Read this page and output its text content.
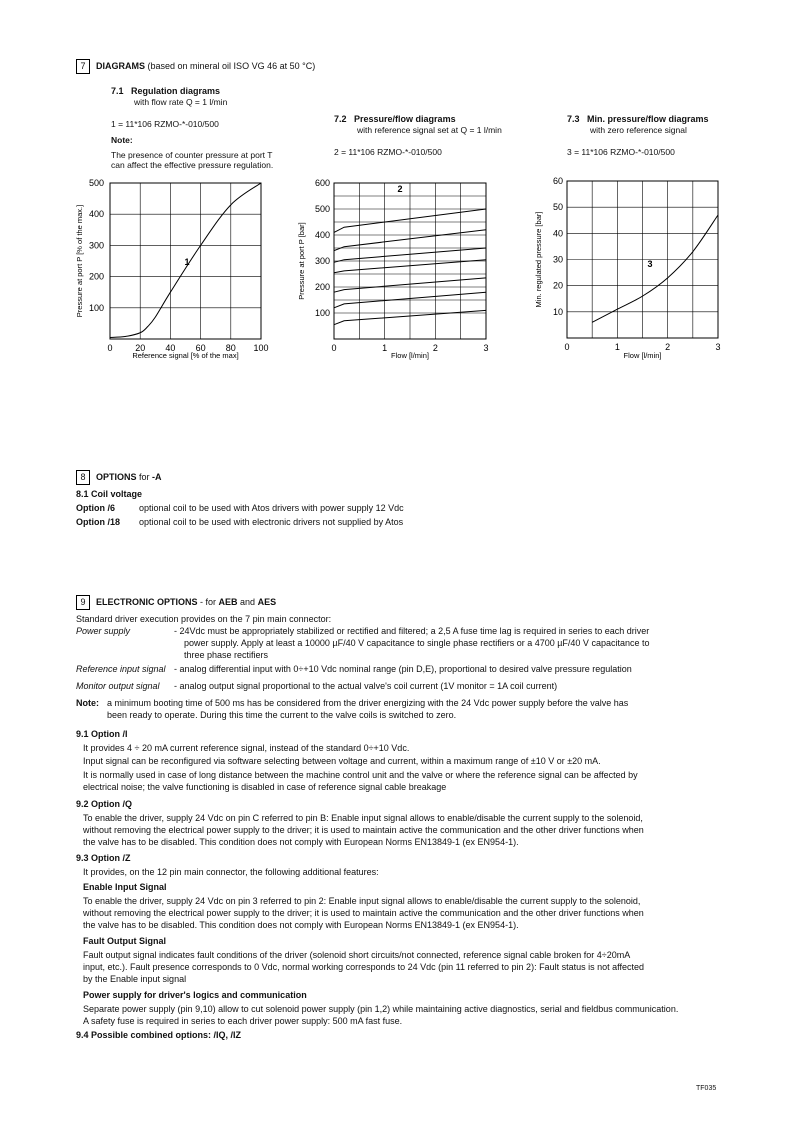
7 DIAGRAMS (based on mineral oil ISO VG 46 at 50 °C)
7.1 Regulation diagrams
with flow rate Q = 1 l/min
1 = 11*106 RZMO-*-010/500
Note:
The presence of counter pressure at port T
can affect the effective pressure regulation.
7.2 Pressure/flow diagrams
with reference signal set at Q = 1 l/min
2 = 11*106 RZMO-*-010/500
7.3 Min. pressure/flow diagrams
with zero reference signal
3 = 11*106 RZMO-*-010/500
0	20 40 60 80 100
100
200
300
400
500
Reference signal [% of the max]
Pressure at port P [% of the max.]	1
0	1	2	3
100
200
300
400
500
600
Flow [l/min]
Pressure at port P [bar]
2
0	1	2	3
10
20
30
40
50
60
Flow [l/min]
Min. regulated pressure [bar]	3
8 OPTIONS for -A
8.1 Coil voltage
Option /6	optional coil to be used with Atos drivers with power supply 12 Vdc
Option /18 optional coil to be used with electronic drivers not supplied by Atos
9 ELECTRONIC OPTIONS - for AEB and AES
Standard driver execution provides on the 7 pin main connector:
Power supply	- 24Vdc must be appropriately stabilized or rectified and filtered; a 2,5 A fuse time lag is required in series to each driver
power supply. Apply at least a 10000 µF/40 V capacitance to single phase rectifiers or a 4700 µF/40 V capacitance to
three phase rectifiers
Reference input signal - analog differential input with 0÷+10 Vdc nominal range (pin D,E), proportional to desired valve pressure regulation
Monitor output signal - analog output signal proportional to the actual valve's coil current (1V monitor = 1A coil current)
Note: a minimum booting time of 500 ms has be considered from the driver energizing with the 24 Vdc power supply before the valve has
been ready to operate. During this time the current to the valve coils is switched to zero.
9.1 Option /I
It provides 4 ÷ 20 mA current reference signal, instead of the standard 0÷+10 Vdc.
Input signal can be reconfigured via software selecting between voltage and current, within a maximum range of ±10 V or ±20 mA.
It is normally used in case of long distance between the machine control unit and the valve or where the reference signal can be affected by
electrical noise; the valve functioning is disabled in case of reference signal cable breakage
9.2 Option /Q
To enable the driver, supply 24 Vdc on pin C referred to pin B: Enable input signal allows to enable/disable the current supply to the solenoid,
without removing the electrical power supply to the driver; it is used to maintain active the communication and the other driver functions when
the valve has to be disabled. This condition does not comply with European Norms EN13849-1 (ex EN954-1).
9.3 Option /Z
It provides, on the 12 pin main connector, the following additional features:
Enable Input Signal
To enable the driver, supply 24 Vdc on pin 3 referred to pin 2: Enable input signal allows to enable/disable the current supply to the solenoid,
without removing the electrical power supply to the driver; it is used to maintain active the communication and the other driver functions when
the valve has to be disabled. This condition does not comply with European Norms EN13849-1 (ex EN954-1).
Fault Output Signal
Fault output signal indicates fault conditions of the driver (solenoid short circuits/not connected, reference signal cable broken for 4÷20mA
input, etc.). Fault presence corresponds to 0 Vdc, normal working corresponds to 24 Vdc (pin 11 referred to pin 2): Fault status is not affected
by the Enable input signal
Power supply for driver's logics and communication
Separate power supply (pin 9,10) allow to cut solenoid power supply (pin 1,2) while maintaining active diagnostics, serial and fieldbus communication.
A safety fuse is required in series to each driver power supply: 500 mA fast fuse.
9.4 Possible combined options: /IQ, /IZ
TF035
